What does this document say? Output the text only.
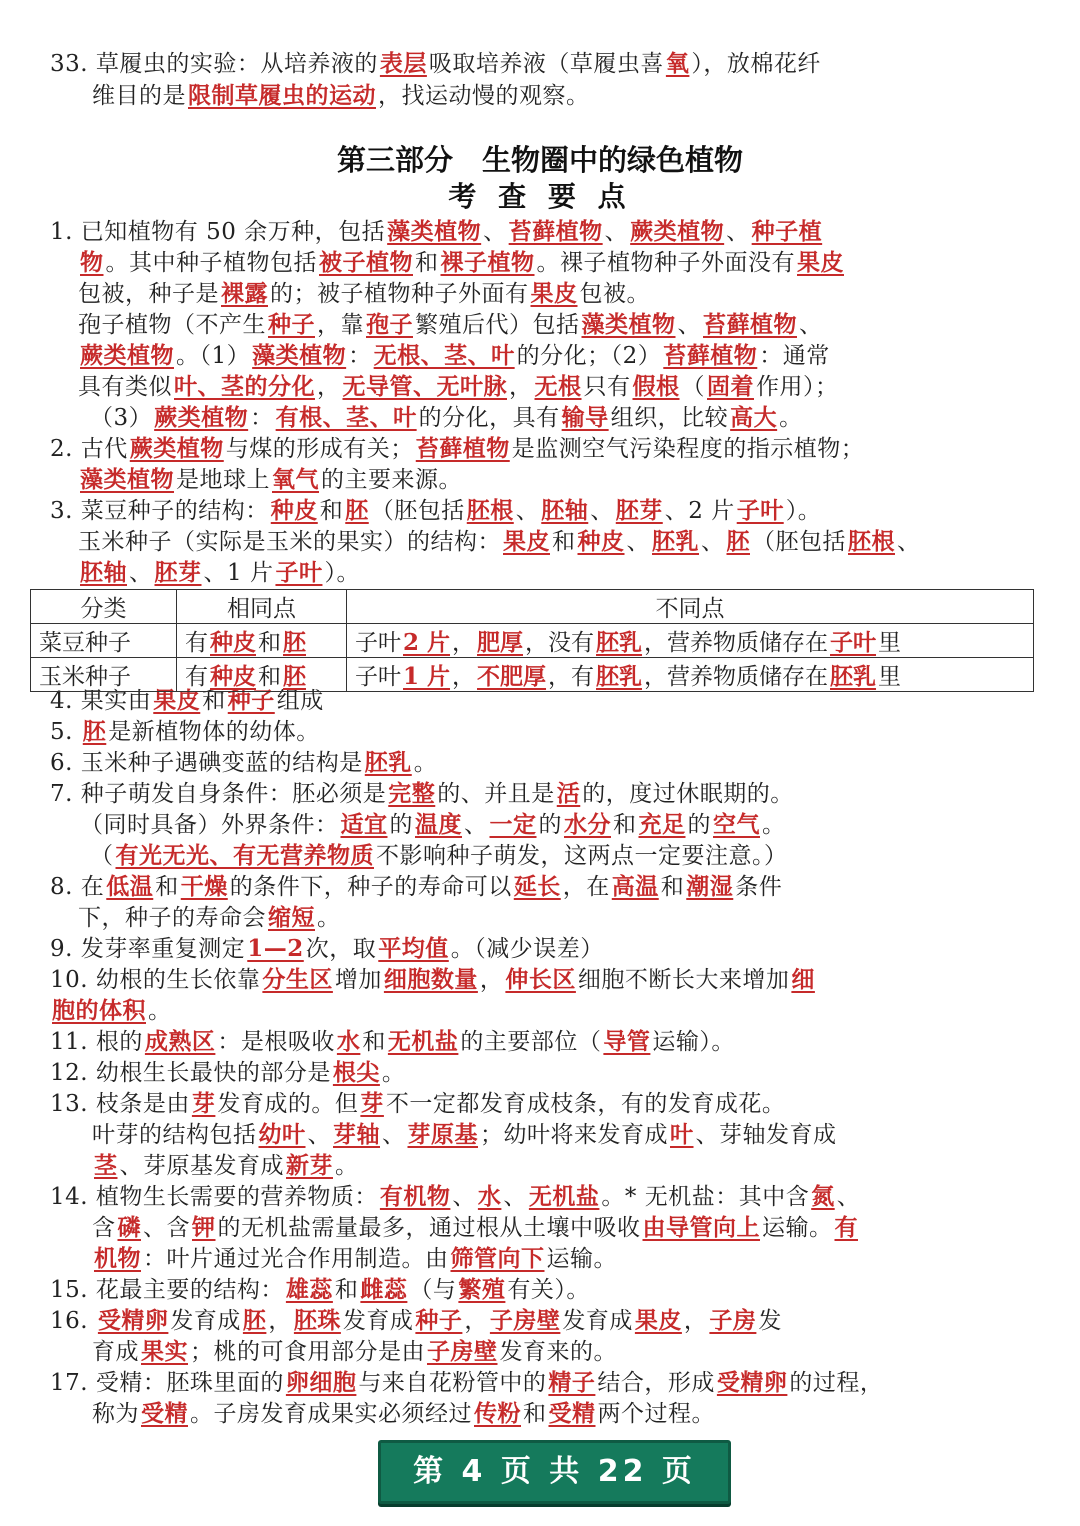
第三部分　生物圈中的绿色植物
考 查 要 点
33. 草履虫的实验：从培养液的表层吸取培养液（草履虫喜氧），放棉花纤
维目的是限制草履虫的运动，找运动慢的观察。
1. 已知植物有 50 余万种，包括藻类植物、苔藓植物、蕨类植物、种子植
物。其中种子植物包括被子植物和裸子植物。裸子植物种子外面没有果皮
包被，种子是裸露的；被子植物种子外面有果皮包被。
孢子植物（不产生种子，靠孢子繁殖后代）包括藻类植物、苔藓植物、
蕨类植物。（1）藻类植物：无根、茎、叶的分化；（2）苔藓植物：通常
具有类似叶、茎的分化，无导管、无叶脉，无根只有假根（固着作用）；
（3）蕨类植物：有根、茎、叶的分化，具有输导组织，比较高大。
2. 古代蕨类植物与煤的形成有关；苔藓植物是监测空气污染程度的指示植物；
藻类植物是地球上氧气的主要来源。
3. 菜豆种子的结构：种皮和胚（胚包括胚根、胚轴、胚芽、2 片子叶）。
玉米种子（实际是玉米的果实）的结构：果皮和种皮、胚乳、胚（胚包括胚根、
胚轴、胚芽、1 片子叶）。
4. 果实由果皮和种子组成
5. 胚是新植物体的幼体。
6. 玉米种子遇碘变蓝的结构是胚乳。
7. 种子萌发自身条件：胚必须是完整的、并且是活的，度过休眠期的。
（同时具备）外界条件：适宜的温度、一定的水分和充足的空气。
（有光无光、有无营养物质不影响种子萌发，这两点一定要注意。）
8. 在低温和干燥的条件下，种子的寿命可以延长，在高温和潮湿条件
下，种子的寿命会缩短。
9. 发芽率重复测定1—2次，取平均值。（减少误差）
10. 幼根的生长依靠分生区增加细胞数量，伸长区细胞不断长大来增加细
胞的体积。
11. 根的成熟区：是根吸收水和无机盐的主要部位（导管运输）。
12. 幼根生长最快的部分是根尖。
13. 枝条是由芽发育成的。但芽不一定都发育成枝条，有的发育成花。
叶芽的结构包括幼叶、芽轴、芽原基；幼叶将来发育成叶、芽轴发育成
茎、芽原基发育成新芽。
14. 植物生长需要的营养物质：有机物、水、无机盐。* 无机盐：其中含氮、
含磷、含钾的无机盐需量最多，通过根从土壤中吸收由导管向上运输。有
机物：叶片通过光合作用制造。由筛管向下运输。
15. 花最主要的结构：雄蕊和雌蕊（与繁殖有关）。
16. 受精卵发育成胚，胚珠发育成种子，子房壁发育成果皮，子房发
育成果实；桃的可食用部分是由子房壁发育来的。
17. 受精：胚珠里面的卵细胞与来自花粉管中的精子结合，形成受精卵的过程，
称为受精。子房发育成果实必须经过传粉和受精两个过程。
分类	相同点	不同点
菜豆种子	有种皮和胚	子叶2 片，肥厚，没有胚乳，营养物质储存在子叶里
玉米种子	有种皮和胚	子叶1 片，不肥厚，有胚乳，营养物质储存在胚乳里
第 4 页 共 22 页
